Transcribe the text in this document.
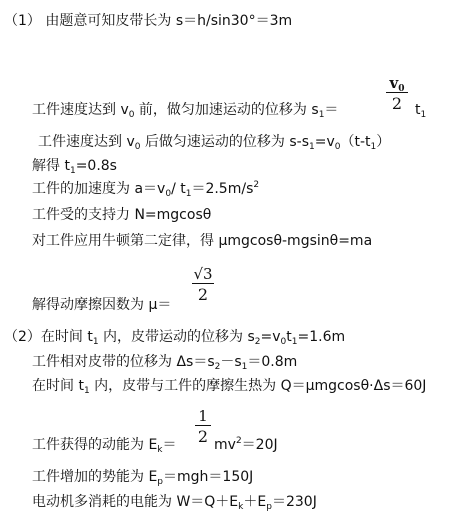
（1） 由题意可知皮带长为 s＝h/sin30°＝3m
工件速度达到 $v_0$ 前，做匀加速运动的位移为 $s_1=$
$v_0$
2 $t_1$
工件速度达到 $v_0$ 后做匀速运动的位移为 $s-s_1=v_0(t-t_1)$
解得 $t_1=0.8s$
工件的加速度为 $a=v_0/$ $t_1=2.5m/s^2$
工件受的支持力 N=mgcosθ
对工件应用牛顿第二定律，得 μmgcosθ-mgsinθ=ma
解得动摩擦因数为 μ＝
√3
2
（2）在时间 $t_1$ 内，皮带运动的位移为 $s_2=v_0t_1=1.6m$
工件相对皮带的位移为 $\Delta s=s_2-s_1=0.8m$
在时间 $t_1$ 内，皮带与工件的摩擦生热为 Q＝μmgcosθ·Δs＝60J
工件获得的动能为 $E_k=$
1
2 $mv^2=20J$
工件增加的势能为 $E_p=mgh=150J$
电动机多消耗的电能为 $W=Q+E_k+E_p=230J$
